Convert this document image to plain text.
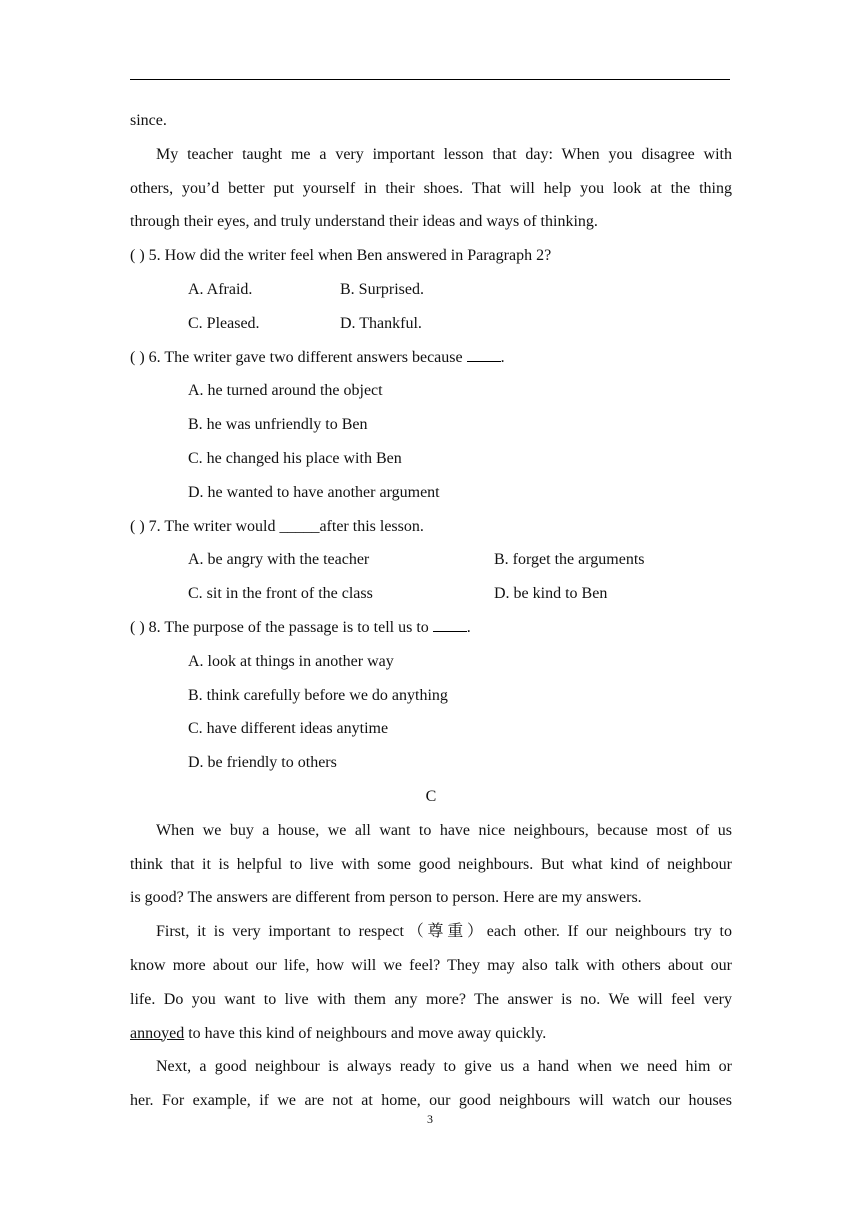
since.
My teacher taught me a very important lesson that day: When you disagree with
others, you’d better put yourself in their shoes. That will help you look at the thing
through their eyes, and truly understand their ideas and ways of thinking.
( ) 5. How did the writer feel when Ben answered in Paragraph 2?
A. Afraid.	B. Surprised.
C. Pleased.	D. Thankful.
( ) 6. The writer gave two different answers because .
A. he turned around the object
B. he was unfriendly to Ben
C. he changed his place with Ben
D. he wanted to have another argument
( ) 7. The writer would _____after this lesson.
A. be angry with the teacher	B. forget the arguments
C. sit in the front of the class	D. be kind to Ben
( ) 8. The purpose of the passage is to tell us to .
A. look at things in another way
B. think carefully before we do anything
C. have different ideas anytime
D. be friendly to others
C
When we buy a house, we all want to have nice neighbours, because most of us
think that it is helpful to live with some good neighbours. But what kind of neighbour
is good? The answers are different from person to person. Here are my answers.
First, it is very important to respect（尊重）each other. If our neighbours try to
know more about our life, how will we feel? They may also talk with others about our
life. Do you want to live with them any more? The answer is no. We will feel very
annoyed to have this kind of neighbours and move away quickly.
Next, a good neighbour is always ready to give us a hand when we need him or
her. For example, if we are not at home, our good neighbours will watch our houses
3
